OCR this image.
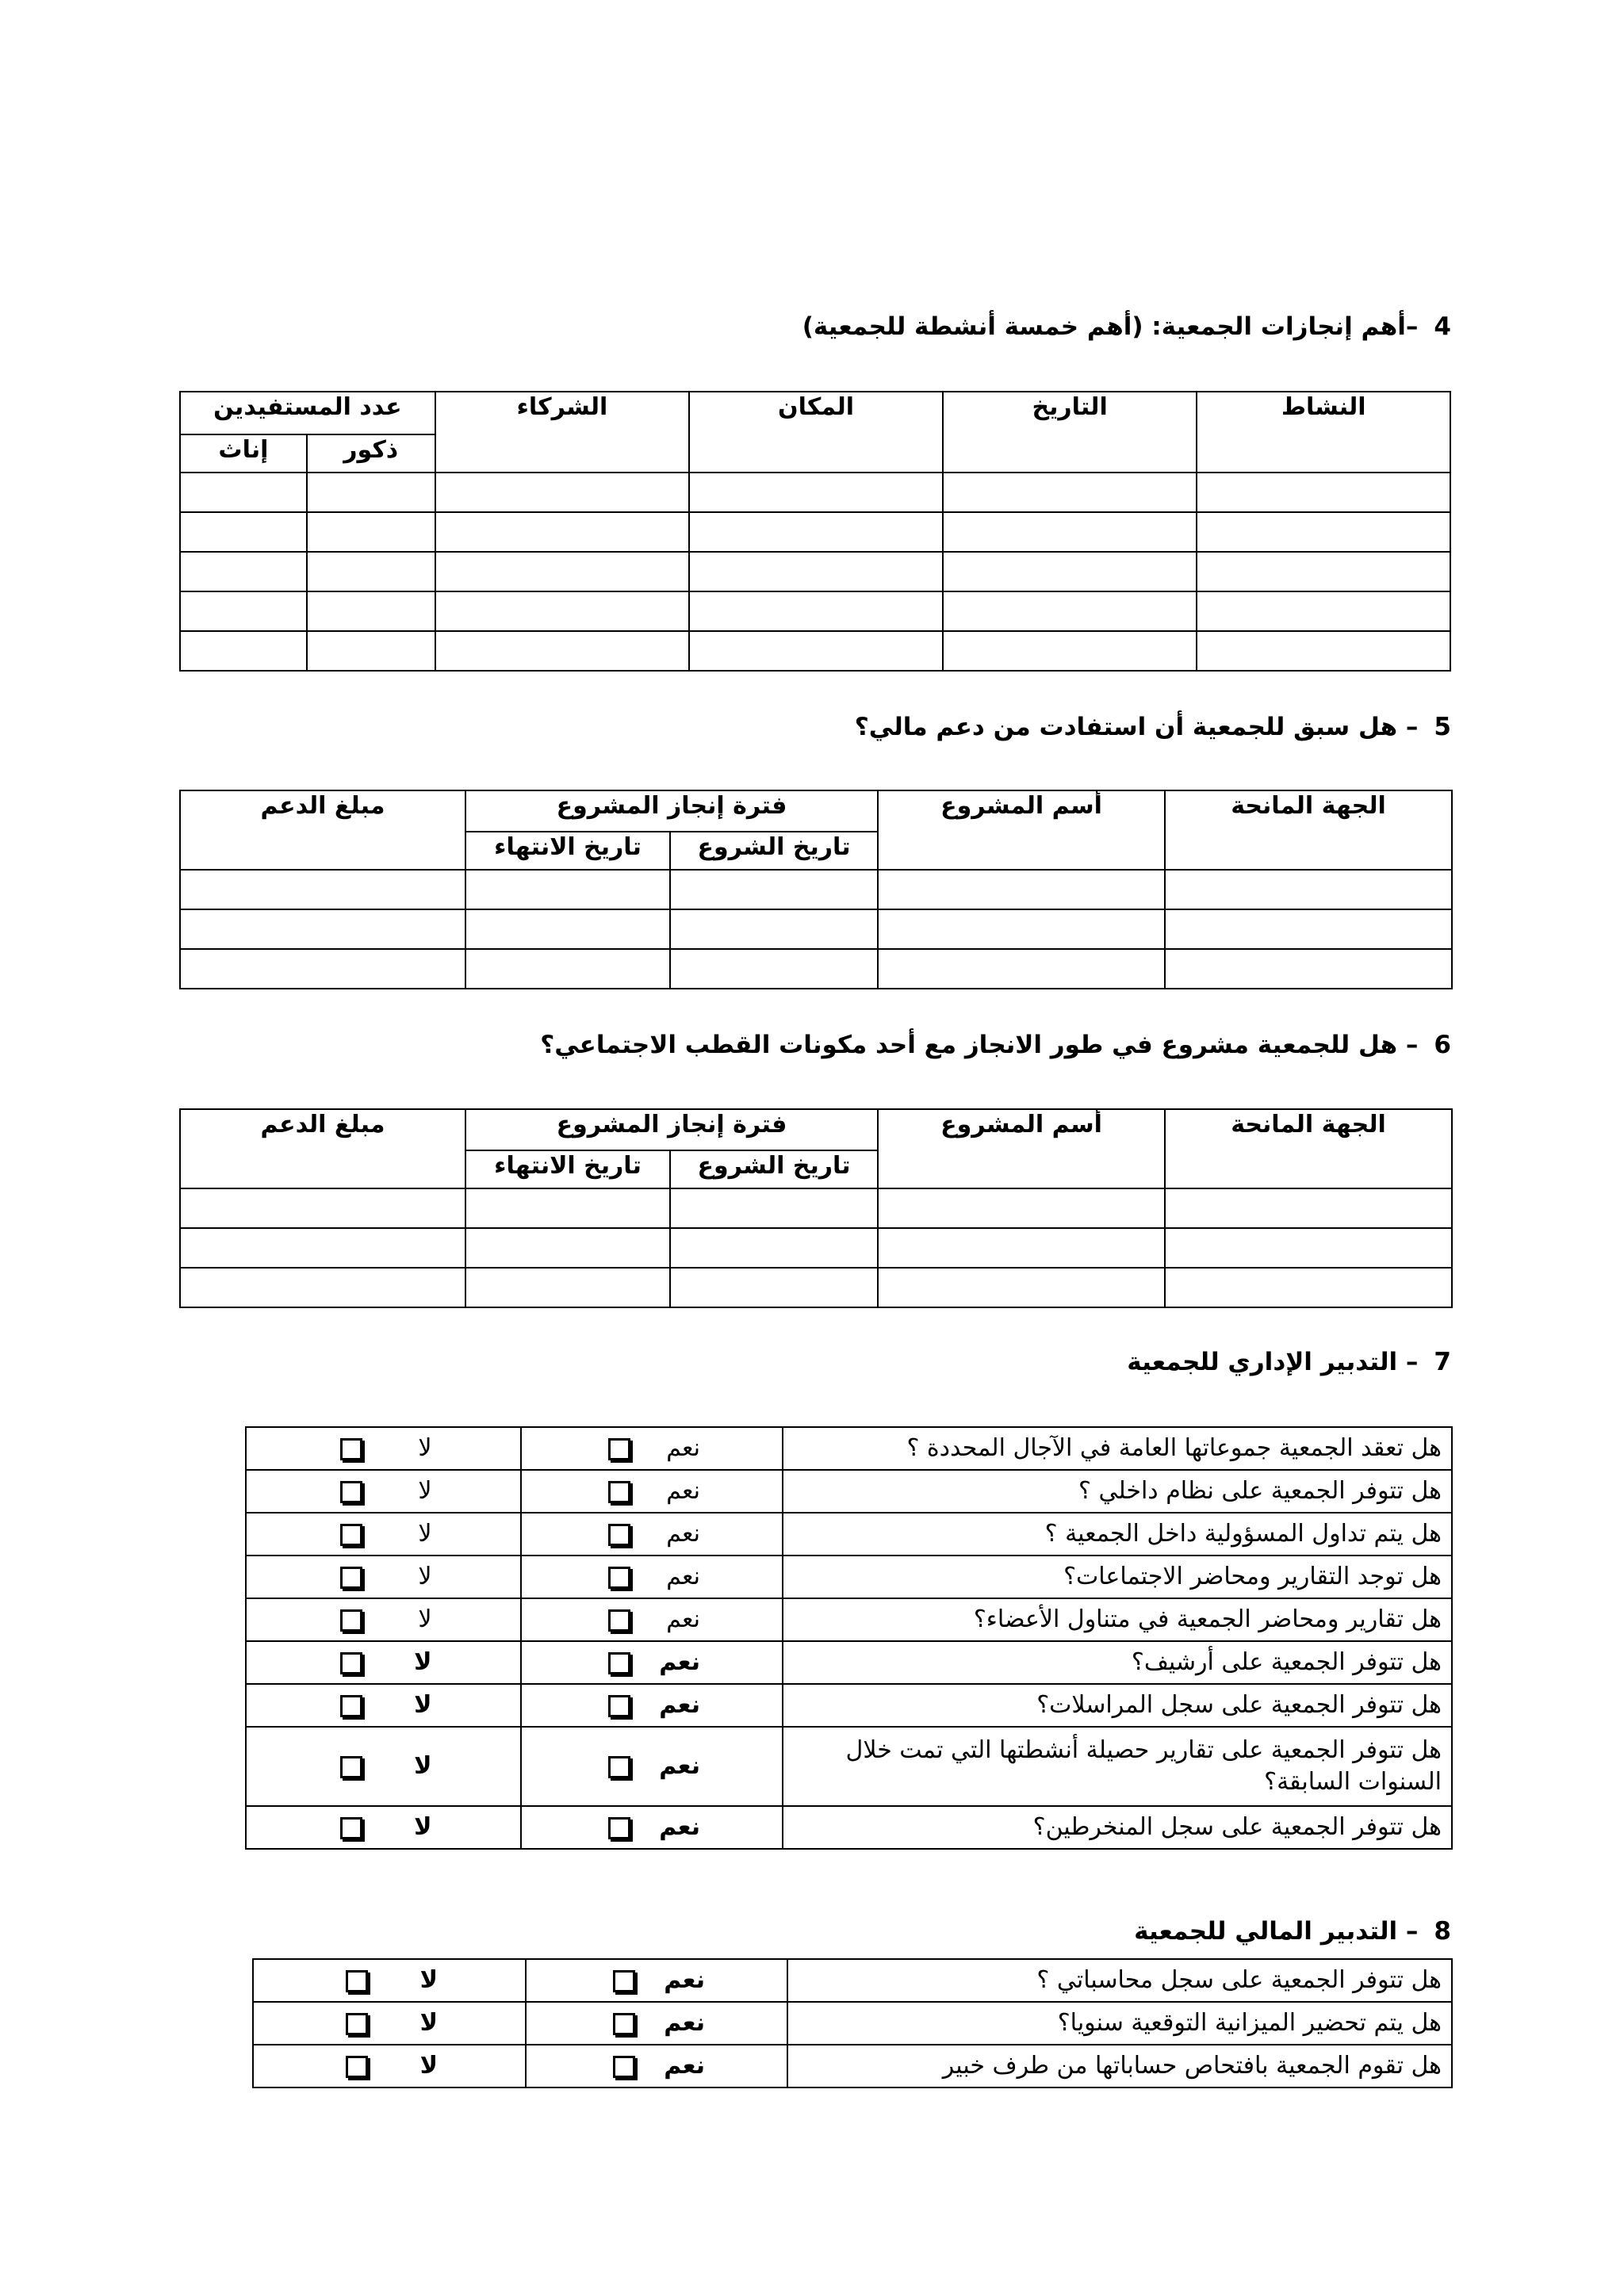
4–أهم إنجازات الجمعية: (أهم خمسة أنشطة للجمعية)
النشاط	التاريخ	المكان	الشركاء	عدد المستفيدين	
				ذكور	إناث

5– هل سبق للجمعية أن استفادت من دعم مالي؟
الجهة المانحة	أسم المشروع	فترة إنجاز المشروع		مبلغ الدعم
		تاريخ الشروع	تاريخ الانتهاء	

6– هل للجمعية مشروع في طور الانجاز مع أحد مكونات القطب الاجتماعي؟
الجهة المانحة	أسم المشروع	فترة إنجاز المشروع		مبلغ الدعم
		تاريخ الشروع	تاريخ الانتهاء	

7– التدبير الإداري للجمعية
هل تعقد الجمعية جموعاتها العامة في الآجال المحددة ؟	نعم	لا
هل تتوفر الجمعية على نظام داخلي ؟	نعم	لا
هل يتم تداول المسؤولية داخل الجمعية ؟	نعم	لا
هل توجد التقارير ومحاضر الاجتماعات؟	نعم	لا
هل تقارير ومحاضر الجمعية في متناول الأعضاء؟	نعم	لا
هل تتوفر الجمعية على أرشيف؟	نعم	لا
هل تتوفر الجمعية على سجل المراسلات؟	نعم	لا
هل تتوفر الجمعية على تقارير حصيلة أنشطتها التي تمت خلال السنوات السابقة؟	نعم	لا
هل تتوفر الجمعية على سجل المنخرطين؟	نعم	لا
8– التدبير المالي للجمعية
هل تتوفر الجمعية على سجل محاسباتي ؟	نعم	لا
هل يتم تحضير الميزانية التوقعية سنويا؟	نعم	لا
هل تقوم الجمعية بافتحاص حساباتها من طرف خبير	نعم	لا
